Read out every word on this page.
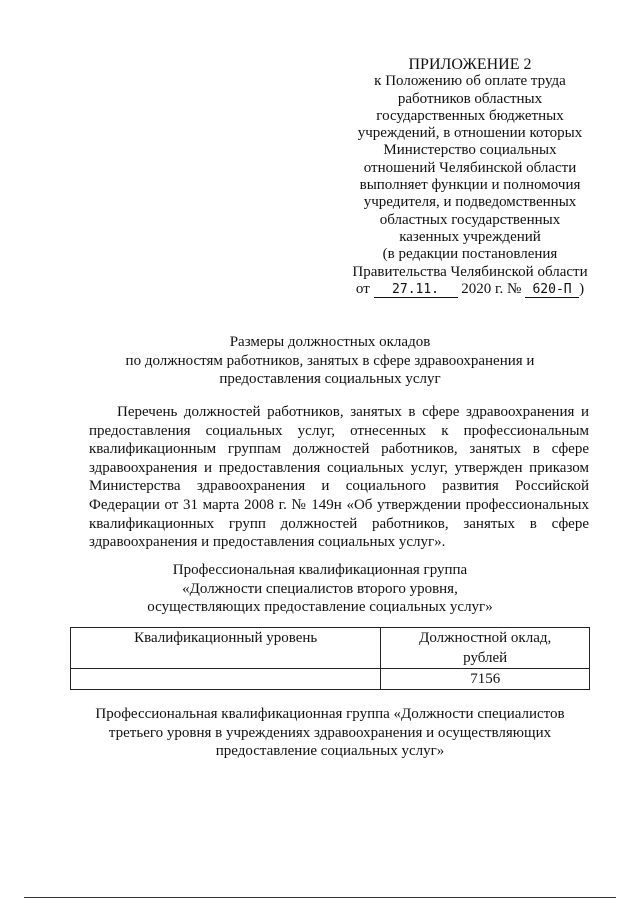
ПРИЛОЖЕНИЕ 2
к Положению об оплате труда
работников областных
государственных бюджетных
учреждений, в отношении которых
Министерство социальных
отношений Челябинской области
выполняет функции и полномочия
учредителя, и подведомственных
областных государственных
казенных учреждений
(в редакции постановления
Правительства Челябинской области
от 27.11. 2020 г. № 620-П )
Размеры должностных окладов
по должностям работников, занятых в сфере здравоохранения и
предоставления социальных услуг
Перечень должностей работников, занятых в сфере здравоохранения и предоставления социальных услуг, отнесенных к профессиональным квалификационным группам должностей работников, занятых в сфере здравоохранения и предоставления социальных услуг, утвержден приказом Министерства здравоохранения и социального развития Российской Федерации от 31 марта 2008 г. № 149н «Об утверждении профессиональных квалификационных групп должностей работников, занятых в сфере здравоохранения и предоставления социальных услуг».
Профессиональная квалификационная группа
«Должности специалистов второго уровня,
осуществляющих предоставление социальных услуг»
Квалификационный уровень	Должностной оклад,
рублей

	7156
Профессиональная квалификационная группа «Должности специалистов
третьего уровня в учреждениях здравоохранения и осуществляющих
предоставление социальных услуг»
